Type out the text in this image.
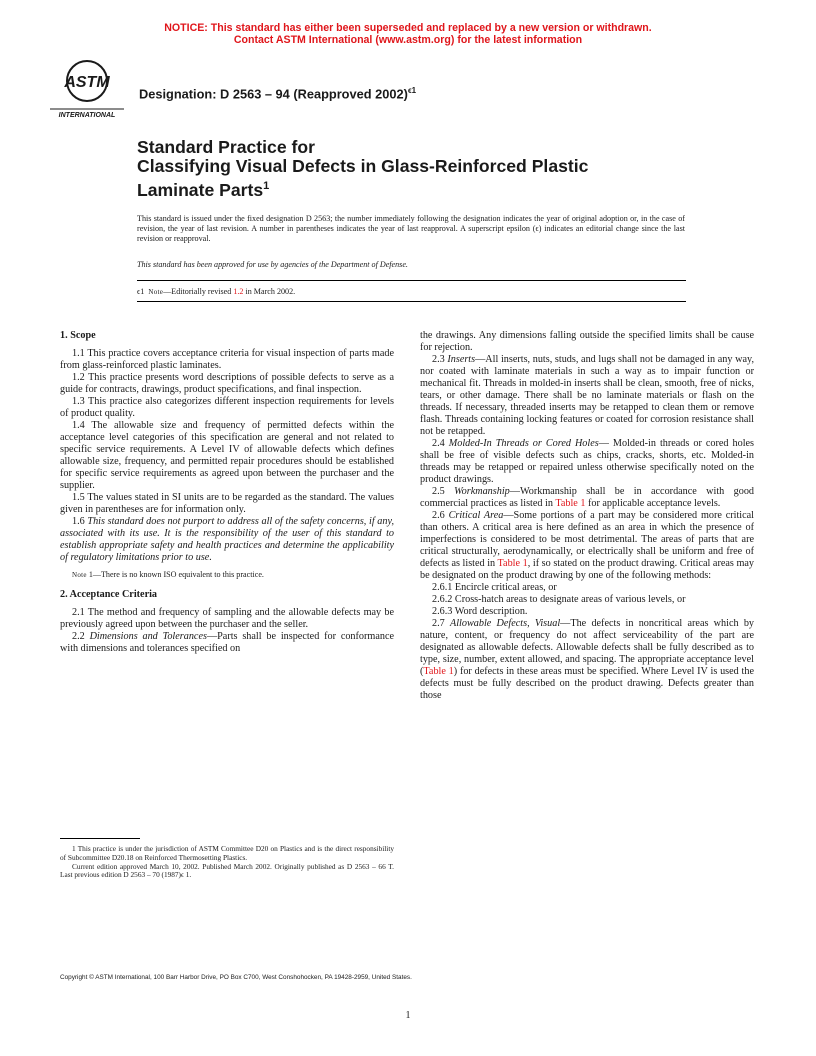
NOTICE: This standard has either been superseded and replaced by a new version or withdrawn.
Contact ASTM International (www.astm.org) for the latest information
ASTM
INTERNATIONAL
Designation: D 2563 – 94 (Reapproved 2002)$^{\epsilon 1}$
Standard Practice for
Classifying Visual Defects in Glass-Reinforced Plastic
Laminate Parts$^1$
This standard is issued under the fixed designation D 2563; the number immediately following the designation indicates the year of original adoption or, in the case of revision, the year of last revision. A number in parentheses indicates the year of last reapproval. A superscript epsilon (ϵ) indicates an editorial change since the last revision or reapproval.
This standard has been approved for use by agencies of the Department of Defense.
ϵ1 Note—Editorially revised 1.2 in March 2002.
1. Scope

1.1 This practice covers acceptance criteria for visual inspection of parts made from glass-reinforced plastic laminates.

1.2 This practice presents word descriptions of possible defects to serve as a guide for contracts, drawings, product specifications, and final inspection.

1.3 This practice also categorizes different inspection requirements for levels of product quality.

1.4 The allowable size and frequency of permitted defects within the acceptance level categories of this specification are general and not related to specific service requirements. A Level IV of allowable defects which defines allowable size, frequency, and permitted repair procedures should be established for specific service requirements as agreed upon between the purchaser and the supplier.

1.5 The values stated in SI units are to be regarded as the standard. The values given in parentheses are for information only.

1.6 This standard does not purport to address all of the safety concerns, if any, associated with its use. It is the responsibility of the user of this standard to establish appropriate safety and health practices and determine the applicability of regulatory limitations prior to use.

Note 1—There is no known ISO equivalent to this practice.

2. Acceptance Criteria

2.1 The method and frequency of sampling and the allowable defects may be previously agreed upon between the purchaser and the seller.

2.2 Dimensions and Tolerances—Parts shall be inspected for conformance with dimensions and tolerances specified on

the drawings. Any dimensions falling outside the specified limits shall be cause for rejection.

2.3 Inserts—All inserts, nuts, studs, and lugs shall not be damaged in any way, nor coated with laminate materials in such a way as to impair function or mechanical fit. Threads in molded-in inserts shall be clean, smooth, free of nicks, tears, or other damage. There shall be no laminate materials or flash on the threads. If necessary, threaded inserts may be retapped to clean them or remove flash. Threads containing locking features or coated for corrosion resistance shall not be retapped.

2.4 Molded-In Threads or Cored Holes— Molded-in threads or cored holes shall be free of visible defects such as chips, cracks, shorts, etc. Molded-in threads may be retapped or repaired unless otherwise specifically noted on the product drawings.

2.5 Workmanship—Workmanship shall be in accordance with good commercial practices as listed in Table 1 for applicable acceptance levels.

2.6 Critical Area—Some portions of a part may be considered more critical than others. A critical area is here defined as an area in which the presence of imperfections is considered to be most detrimental. The areas of parts that are critical structurally, aerodynamically, or electrically shall be uniform and free of defects as listed in Table 1, if so stated on the product drawing. Critical areas may be designated on the product drawing by one of the following methods:

2.6.1 Encircle critical areas, or

2.6.2 Cross-hatch areas to designate areas of various levels, or

2.6.3 Word description.

2.7 Allowable Defects, Visual—The defects in noncritical areas which by nature, content, or frequency do not affect serviceability of the part are designated as allowable defects. Allowable defects shall be fully described as to type, size, number, extent allowed, and spacing. The appropriate acceptance level (Table 1) for defects in these areas must be specified. Where Level IV is used the defects must be fully described on the product drawing. Defects greater than those

1 This practice is under the jurisdiction of ASTM Committee D20 on Plastics and is the direct responsibility of Subcommittee D20.18 on Reinforced Thermosetting Plastics.

Current edition approved March 10, 2002. Published March 2002. Originally published as D 2563 – 66 T. Last previous edition D 2563 – 70 (1987)ϵ 1.

Copyright © ASTM International, 100 Barr Harbor Drive, PO Box C700, West Conshohocken, PA 19428-2959, United States.
1
